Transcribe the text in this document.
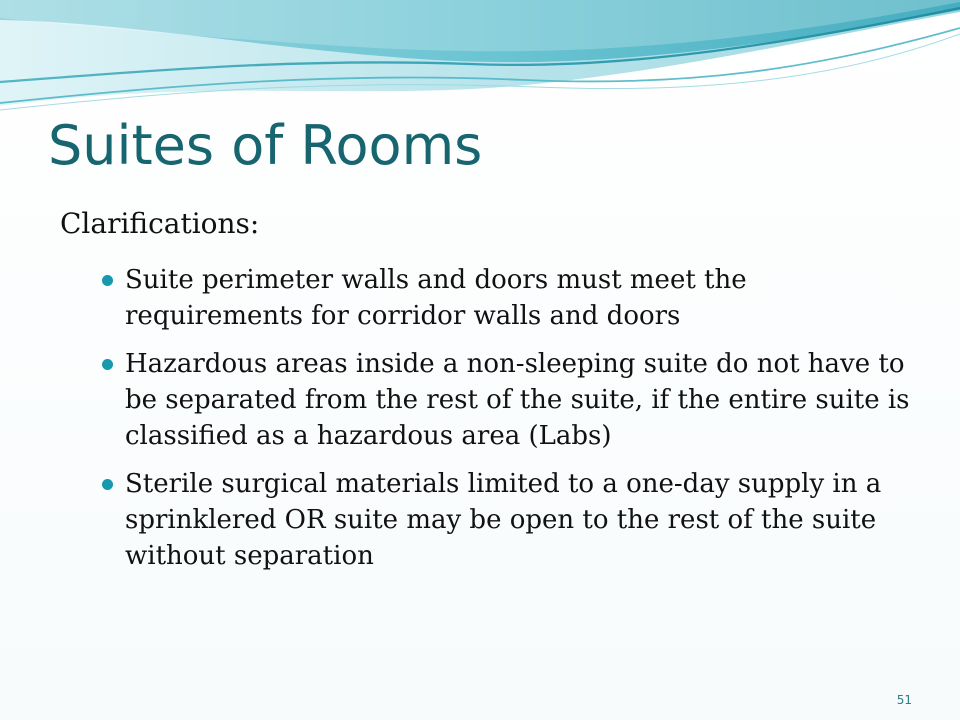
Suites of Rooms

Clarifications:

Suite perimeter walls and doors must meet the requirements for corridor walls and doors
Hazardous areas inside a non-sleeping suite do not have to be separated from the rest of the suite, if the entire suite is classified as a hazardous area (Labs)
Sterile surgical materials limited to a one-day supply in a sprinklered OR suite may be open to the rest of the suite without separation

51
